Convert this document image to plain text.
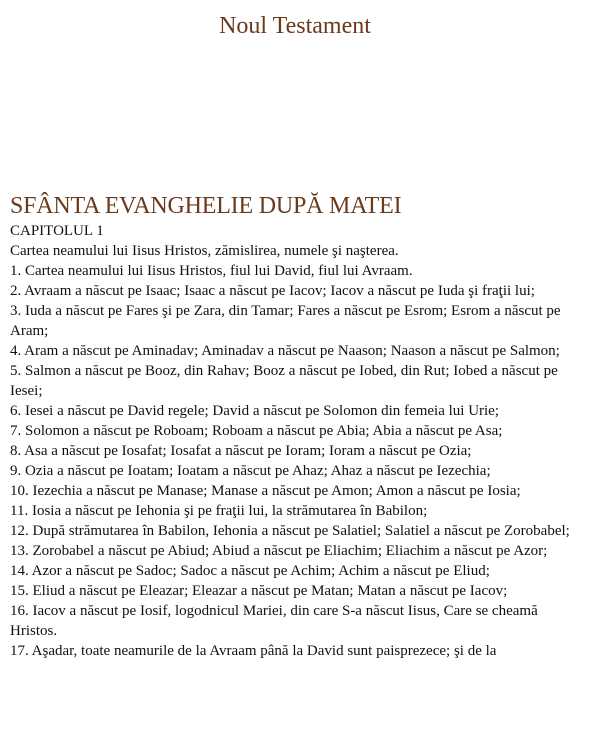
Noul Testament
SFÂNTA EVANGHELIE DUPĂ MATEI
CAPITOLUL 1
Cartea neamului lui Iisus Hristos, zămislirea, numele şi naşterea.
1. Cartea neamului lui Iisus Hristos, fiul lui David, fiul lui Avraam.
2. Avraam a născut pe Isaac; Isaac a născut pe Iacov; Iacov a născut pe Iuda şi fraţii lui;
3. Iuda a născut pe Fares şi pe Zara, din Tamar; Fares a născut pe Esrom; Esrom a născut pe Aram;
4. Aram a născut pe Aminadav; Aminadav a născut pe Naason; Naason a născut pe Salmon;
5. Salmon a născut pe Booz, din Rahav; Booz a născut pe Iobed, din Rut; Iobed a născut pe Iesei;
6. Iesei a născut pe David regele; David a născut pe Solomon din femeia lui Urie;
7. Solomon a născut pe Roboam; Roboam a născut pe Abia; Abia a născut pe Asa;
8. Asa a născut pe Iosafat; Iosafat a născut pe Ioram; Ioram a născut pe Ozia;
9. Ozia a născut pe Ioatam; Ioatam a născut pe Ahaz; Ahaz a născut pe Iezechia;
10. Iezechia a născut pe Manase; Manase a născut pe Amon; Amon a născut pe Iosia;
11. Iosia a născut pe Iehonia şi pe fraţii lui, la strămutarea în Babilon;
12. După strămutarea în Babilon, Iehonia a născut pe Salatiel; Salatiel a născut pe Zorobabel;
13. Zorobabel a născut pe Abiud; Abiud a născut pe Eliachim; Eliachim a născut pe Azor;
14. Azor a născut pe Sadoc; Sadoc a născut pe Achim; Achim a născut pe Eliud;
15. Eliud a născut pe Eleazar; Eleazar a născut pe Matan; Matan a născut pe Iacov;
16. Iacov a născut pe Iosif, logodnicul Mariei, din care S-a născut Iisus, Care se cheamă Hristos.
17. Aşadar, toate neamurile de la Avraam până la David sunt paisprezece; şi de la
